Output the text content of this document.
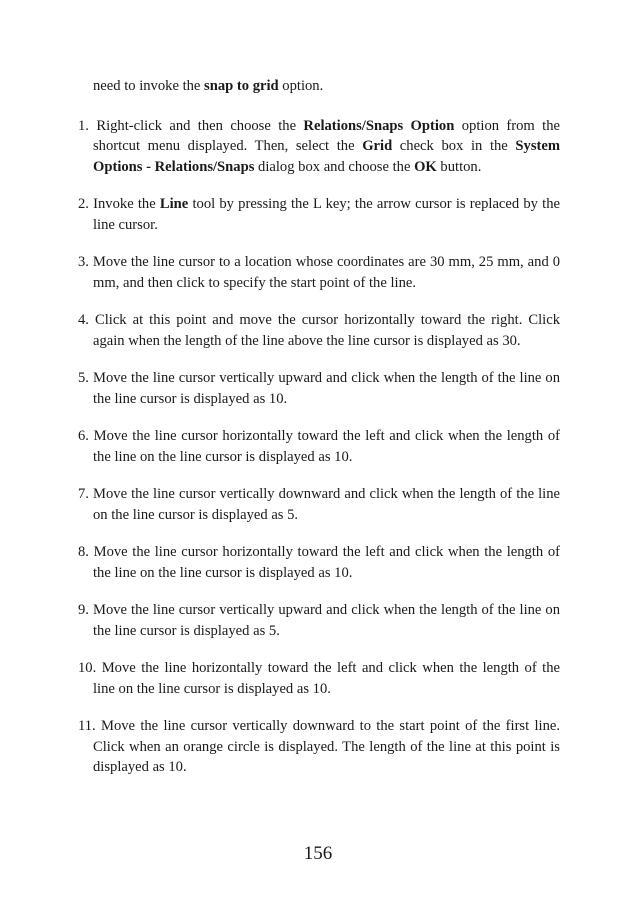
need to invoke the snap to grid option.

1. Right-click and then choose the Relations/Snaps Option option from the shortcut menu displayed. Then, select the Grid check box in the System Options - Relations/Snaps dialog box and choose the OK button.
2. Invoke the Line tool by pressing the L key; the arrow cursor is replaced by the line cursor.
3. Move the line cursor to a location whose coordinates are 30 mm, 25 mm, and 0 mm, and then click to specify the start point of the line.
4. Click at this point and move the cursor horizontally toward the right. Click again when the length of the line above the line cursor is displayed as 30.
5. Move the line cursor vertically upward and click when the length of the line on the line cursor is displayed as 10.
6. Move the line cursor horizontally toward the left and click when the length of the line on the line cursor is displayed as 10.
7. Move the line cursor vertically downward and click when the length of the line on the line cursor is displayed as 5.
8. Move the line cursor horizontally toward the left and click when the length of the line on the line cursor is displayed as 10.
9. Move the line cursor vertically upward and click when the length of the line on the line cursor is displayed as 5.
10. Move the line horizontally toward the left and click when the length of the line on the line cursor is displayed as 10.
11. Move the line cursor vertically downward to the start point of the first line. Click when an orange circle is displayed. The length of the line at this point is displayed as 10.
156
